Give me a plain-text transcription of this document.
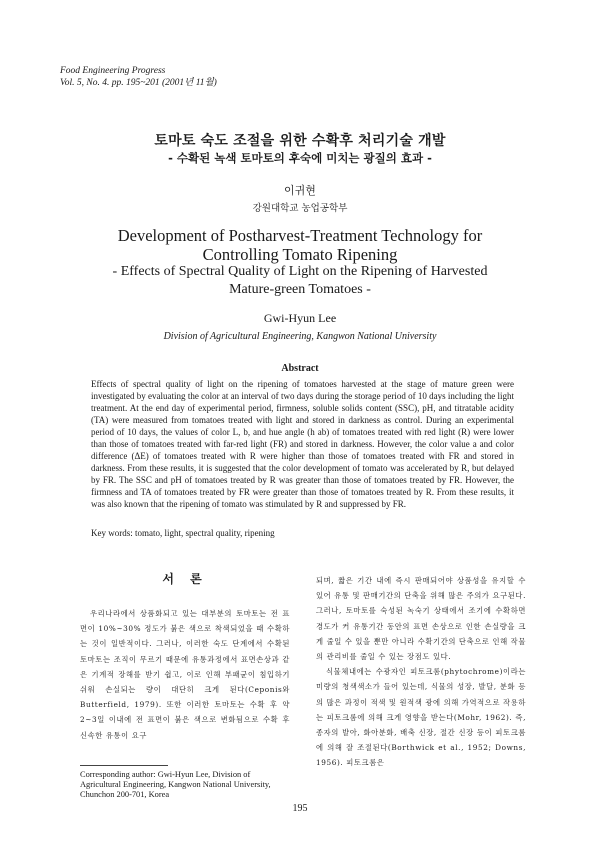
Food Engineering Progress
Vol. 5, No. 4. pp. 195~201 (2001년 11월)
토마토 숙도 조절을 위한 수확후 처리기술 개발
- 수확된 녹색 토마토의 후숙에 미치는 광질의 효과 -
이귀현
강원대학교 농업공학부
Development of Postharvest-Treatment Technology for
Controlling Tomato Ripening
- Effects of Spectral Quality of Light on the Ripening of Harvested
Mature-green Tomatoes -
Gwi-Hyun Lee
Division of Agricultural Engineering, Kangwon National University
Abstract

Effects of spectral quality of light on the ripening of tomatoes harvested at the stage of mature green were investigated by evaluating the color at an interval of two days during the storage period of 10 days including the light treatment. At the end day of experimental period, firmness, soluble solids content (SSC), pH, and titratable acidity (TA) were measured from tomatoes treated with light and stored in darkness as control. During an experimental period of 10 days, the values of color L, b, and hue angle (h ab) of tomatoes treated with red light (R) were lower than those of tomatoes treated with far-red light (FR) and stored in darkness. However, the color value a and color difference (ΔE) of tomatoes treated with R were higher than those of tomatoes treated with FR and stored in darkness. From these results, it is suggested that the color development of tomato was accelerated by R, but delayed by FR. The SSC and pH of tomatoes treated by R was greater than those of tomatoes treated by FR. However, the firmness and TA of tomatoes treated by FR were greater than those of tomatoes treated by R. From these results, it was also known that the ripening of tomato was stimulated by R and suppressed by FR.

Key words: tomato, light, spectral quality, ripening
서 론

우리나라에서 상품화되고 있는 대부분의 토마토는 전 표면이 10%~30% 정도가 붉은 색으로 착색되었을 때 수확하는 것이 일반적이다. 그러나, 이러한 숙도 단계에서 수확된 토마토는 조직이 무르기 때문에 유통과정에서 표면손상과 같은 기계적 장해를 받기 쉽고, 이로 인해 부패균이 침입하기 쉬워 손실되는 량이 대단히 크게 된다(Ceponis와 Butterfield, 1979). 또한 이러한 토마토는 수확 후 약 2~3일 이내에 전 표면이 붉은 색으로 변화됨으로 수확 후 신속한 유통이 요구

되며, 짧은 기간 내에 즉시 판매되어야 상품성을 유지할 수 있어 유통 및 판매기간의 단축을 위해 많은 주의가 요구된다. 그러나, 토마토를 숙성된 녹숙기 상태에서 조기에 수확하면 경도가 커 유통기간 동안의 표면 손상으로 인한 손실량을 크게 줄일 수 있을 뿐만 아니라 수확기간의 단축으로 인해 작물의 관리비를 줄일 수 있는 장점도 있다.

식물체내에는 수광자인 피토크롬(phytochrome)이라는 미량의 청색색소가 들어 있는데, 식물의 성장, 발달, 분화 등의 많은 과정이 적색 및 원적색 광에 의해 가역적으로 작용하는 피토크롬에 의해 크게 영향을 받는다(Mohr, 1962). 즉, 종자의 발아, 화아분화, 배축 신장, 절간 신장 등이 피토크롬에 의해 잘 조절된다(Borthwick et al., 1952; Downs, 1956). 피토크롬은

Corresponding author: Gwi-Hyun Lee, Division of Agricultural Engineering, Kangwon National University, Chunchon 200-701, Korea

195
